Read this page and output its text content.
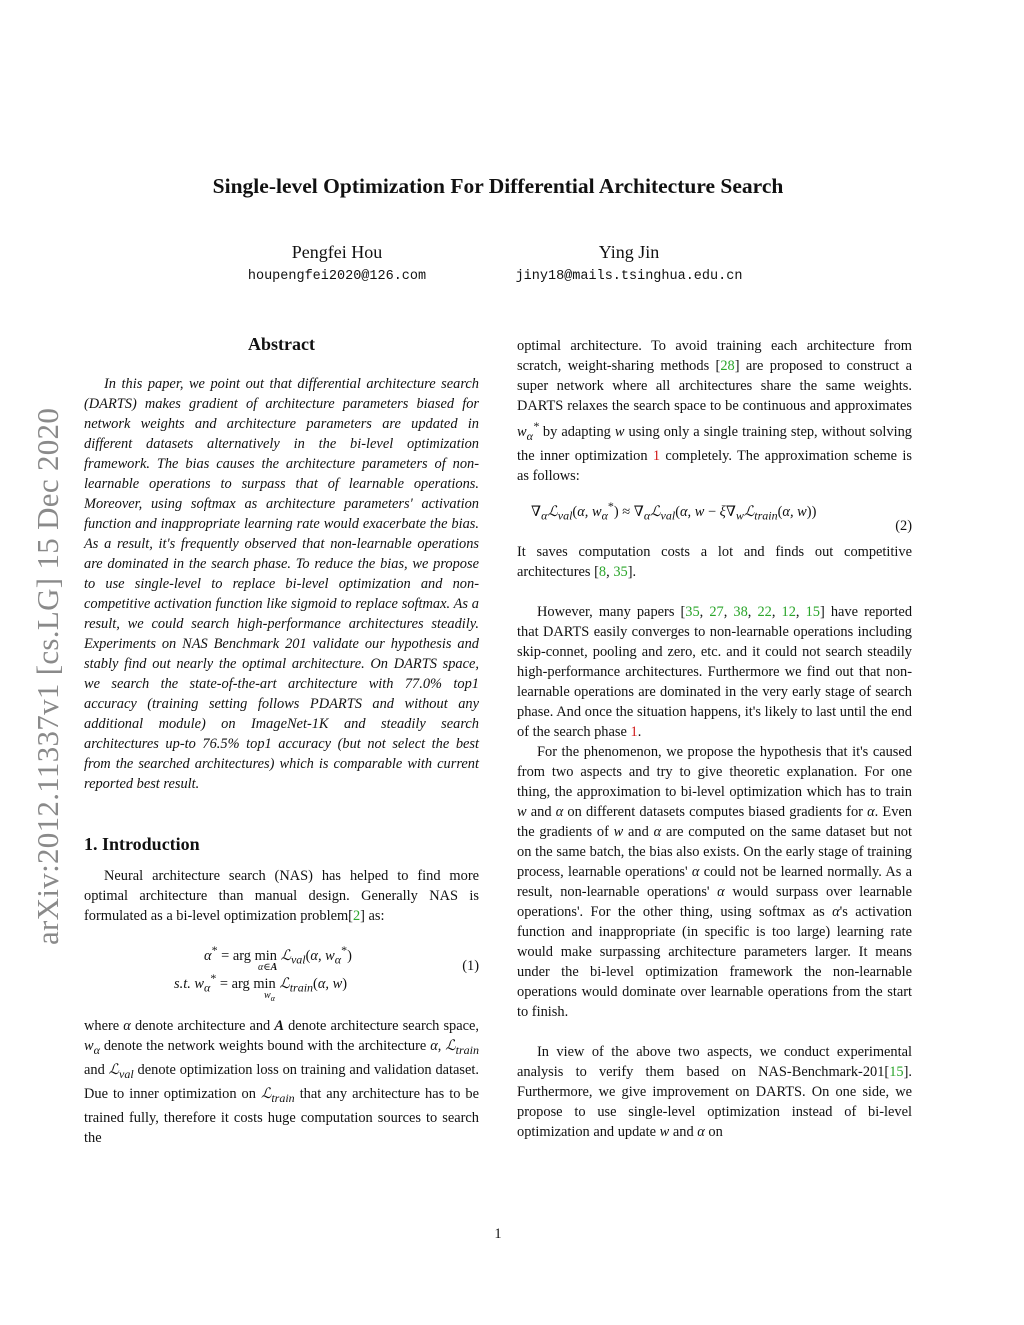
arXiv:2012.11337v1 [cs.LG] 15 Dec 2020
Single-level Optimization For Differential Architecture Search
Pengfei Hou
houpengfei2020@126.com
Ying Jin
jiny18@mails.tsinghua.edu.cn
Abstract

In this paper, we point out that differential architecture search (DARTS) makes gradient of architecture parameters biased for network weights and architecture parameters are updated in different datasets alternatively in the bi-level optimization framework. The bias causes the architecture parameters of non-learnable operations to surpass that of learnable operations. Moreover, using softmax as architecture parameters' activation function and inappropriate learning rate would exacerbate the bias. As a result, it's frequently observed that non-learnable operations are dominated in the search phase. To reduce the bias, we propose to use single-level to replace bi-level optimization and non-competitive activation function like sigmoid to replace softmax. As a result, we could search high-performance architectures steadily. Experiments on NAS Benchmark 201 validate our hypothesis and stably find out nearly the optimal architecture. On DARTS space, we search the state-of-the-art architecture with 77.0% top1 accuracy (training setting follows PDARTS and without any additional module) on ImageNet-1K and steadily search architectures up-to 76.5% top1 accuracy (but not select the best from the searched architectures) which is comparable with current reported best result.

1. Introduction

Neural architecture search (NAS) has helped to find more optimal architecture than manual design. Generally NAS is formulated as a bi-level optimization problem[2] as:

α* = arg min ℒ$_{val}$(α, $w_\alpha^*$)
α∈A
s.t. $w_\alpha^*$ = arg min ℒ$_{train}$(α, w)
$w_\alpha$
(1)

where α denote architecture and A denote architecture search space, $w_\alpha$ denote the network weights bound with the architecture α, ℒ$_{train}$ and ℒ$_{val}$ denote optimization loss on training and validation dataset. Due to inner optimization on ℒ$_{train}$ that any architecture has to be trained fully, therefore it costs huge computation sources to search the

optimal architecture. To avoid training each architecture from scratch, weight-sharing methods [28] are proposed to construct a super network where all architectures share the same weights. DARTS relaxes the search space to be continuous and approximates $w_\alpha^*$ by adapting w using only a single training step, without solving the inner optimization 1 completely. The approximation scheme is as follows:

$\nabla_\alpha ℒ_{val}(\alpha$, $w_\alpha^*$) ≈ $\nabla_\alpha ℒ_{val}(\alpha$, $w - \xi\nabla_wℒ_{train}(\alpha$, w))
(2)

It saves computation costs a lot and finds out competitive architectures [8, 35].

However, many papers [35, 27, 38, 22, 12, 15] have reported that DARTS easily converges to non-learnable operations including skip-connet, pooling and zero, etc. and it could not search steadily high-performance architectures. Furthermore we find out that non-learnable operations are dominated in the very early stage of search phase. And once the situation happens, it's likely to last until the end of the search phase 1.

For the phenomenon, we propose the hypothesis that it's caused from two aspects and try to give theoretic explanation. For one thing, the approximation to bi-level optimization which has to train w and α on different datasets computes biased gradients for α. Even the gradients of w and α are computed on the same dataset but not on the same batch, the bias also exists. On the early stage of training process, learnable operations' α could not be learned normally. As a result, non-learnable operations' α would surpass over learnable operations'. For the other thing, using softmax as α's activation function and inappropriate (in specific is too large) learning rate would make surpassing architecture parameters larger. It means under the bi-level optimization framework the non-learnable operations would dominate over learnable operations from the start to finish.

In view of the above two aspects, we conduct experimental analysis to verify them based on NAS-Benchmark-201[15]. Furthermore, we give improvement on DARTS. On one side, we propose to use single-level optimization instead of bi-level optimization and update w and α on

1
